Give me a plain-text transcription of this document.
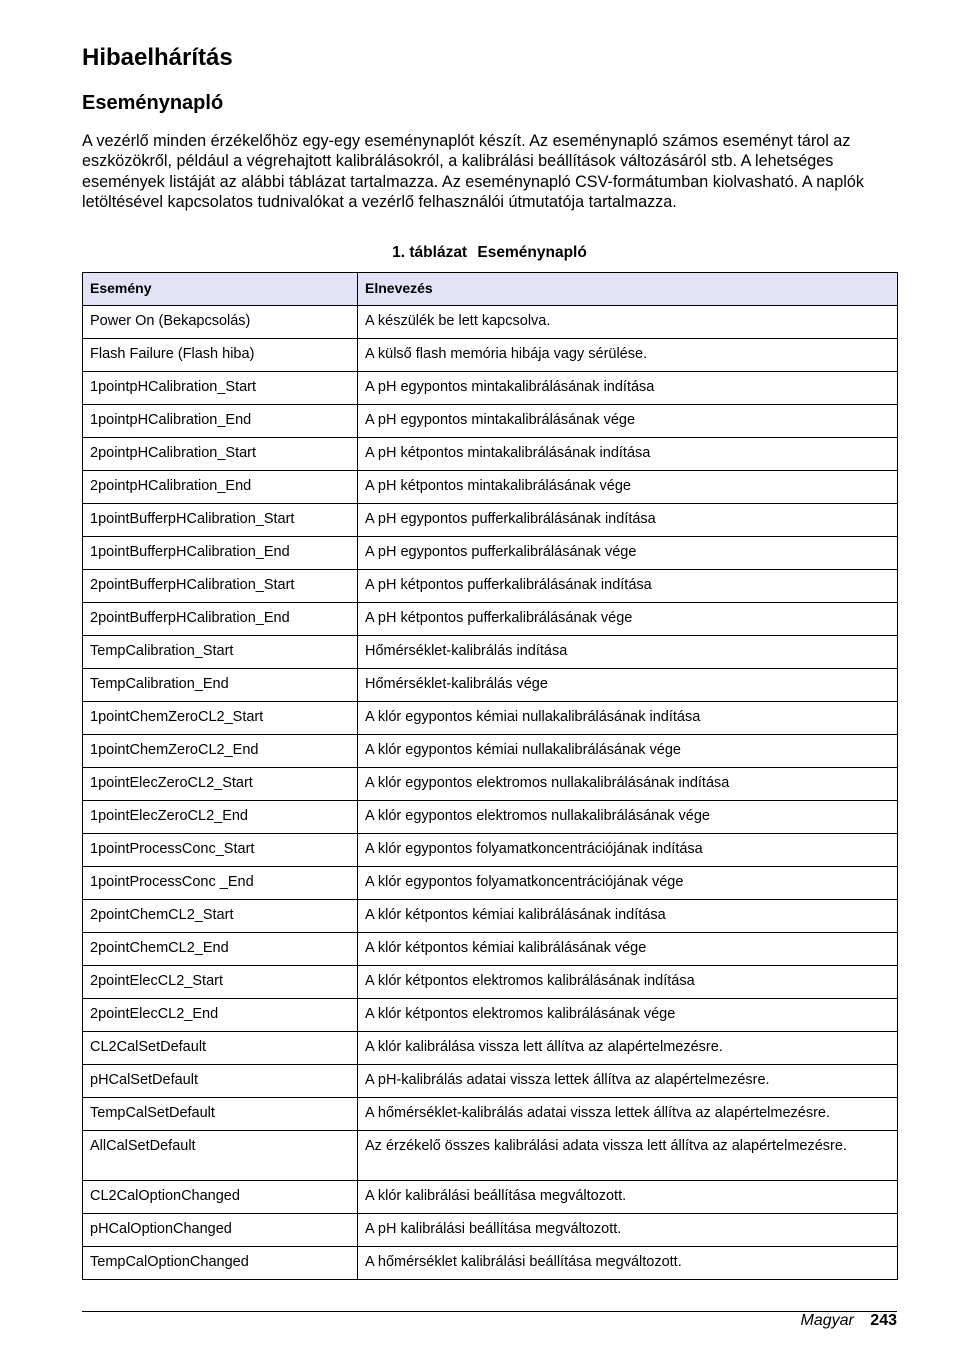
Hibaelhárítás
Eseménynapló

A vezérlő minden érzékelőhöz egy-egy eseménynaplót készít. Az eseménynapló számos eseményt tárol az eszközökről, például a végrehajtott kalibrálásokról, a kalibrálási beállítások változásáról stb. A lehetséges események listáját az alábbi táblázat tartalmazza. Az eseménynapló CSV-formátumban kiolvasható. A naplók letöltésével kapcsolatos tudnivalókat a vezérlő felhasználói útmutatója tartalmazza.

1. táblázat Eseménynapló

Esemény	Elnevezés
Power On (Bekapcsolás)	A készülék be lett kapcsolva.
Flash Failure (Flash hiba)	A külső flash memória hibája vagy sérülése.
1pointpHCalibration_Start	A pH egypontos mintakalibrálásának indítása
1pointpHCalibration_End	A pH egypontos mintakalibrálásának vége
2pointpHCalibration_Start	A pH kétpontos mintakalibrálásának indítása
2pointpHCalibration_End	A pH kétpontos mintakalibrálásának vége
1pointBufferpHCalibration_Start	A pH egypontos pufferkalibrálásának indítása
1pointBufferpHCalibration_End	A pH egypontos pufferkalibrálásának vége
2pointBufferpHCalibration_Start	A pH kétpontos pufferkalibrálásának indítása
2pointBufferpHCalibration_End	A pH kétpontos pufferkalibrálásának vége
TempCalibration_Start	Hőmérséklet-kalibrálás indítása
TempCalibration_End	Hőmérséklet-kalibrálás vége
1pointChemZeroCL2_Start	A klór egypontos kémiai nullakalibrálásának indítása
1pointChemZeroCL2_End	A klór egypontos kémiai nullakalibrálásának vége
1pointElecZeroCL2_Start	A klór egypontos elektromos nullakalibrálásának indítása
1pointElecZeroCL2_End	A klór egypontos elektromos nullakalibrálásának vége
1pointProcessConc_Start	A klór egypontos folyamatkoncentrációjának indítása
1pointProcessConc _End	A klór egypontos folyamatkoncentrációjának vége
2pointChemCL2_Start	A klór kétpontos kémiai kalibrálásának indítása
2pointChemCL2_End	A klór kétpontos kémiai kalibrálásának vége
2pointElecCL2_Start	A klór kétpontos elektromos kalibrálásának indítása
2pointElecCL2_End	A klór kétpontos elektromos kalibrálásának vége
CL2CalSetDefault	A klór kalibrálása vissza lett állítva az alapértelmezésre.
pHCalSetDefault	A pH-kalibrálás adatai vissza lettek állítva az alapértelmezésre.
TempCalSetDefault	A hőmérséklet-kalibrálás adatai vissza lettek állítva az alapértelmezésre.
AllCalSetDefault	Az érzékelő összes kalibrálási adata vissza lett állítva az alapértelmezésre.
CL2CalOptionChanged	A klór kalibrálási beállítása megváltozott.
pHCalOptionChanged	A pH kalibrálási beállítása megváltozott.
TempCalOptionChanged	A hőmérséklet kalibrálási beállítása megváltozott.
Magyar 243
